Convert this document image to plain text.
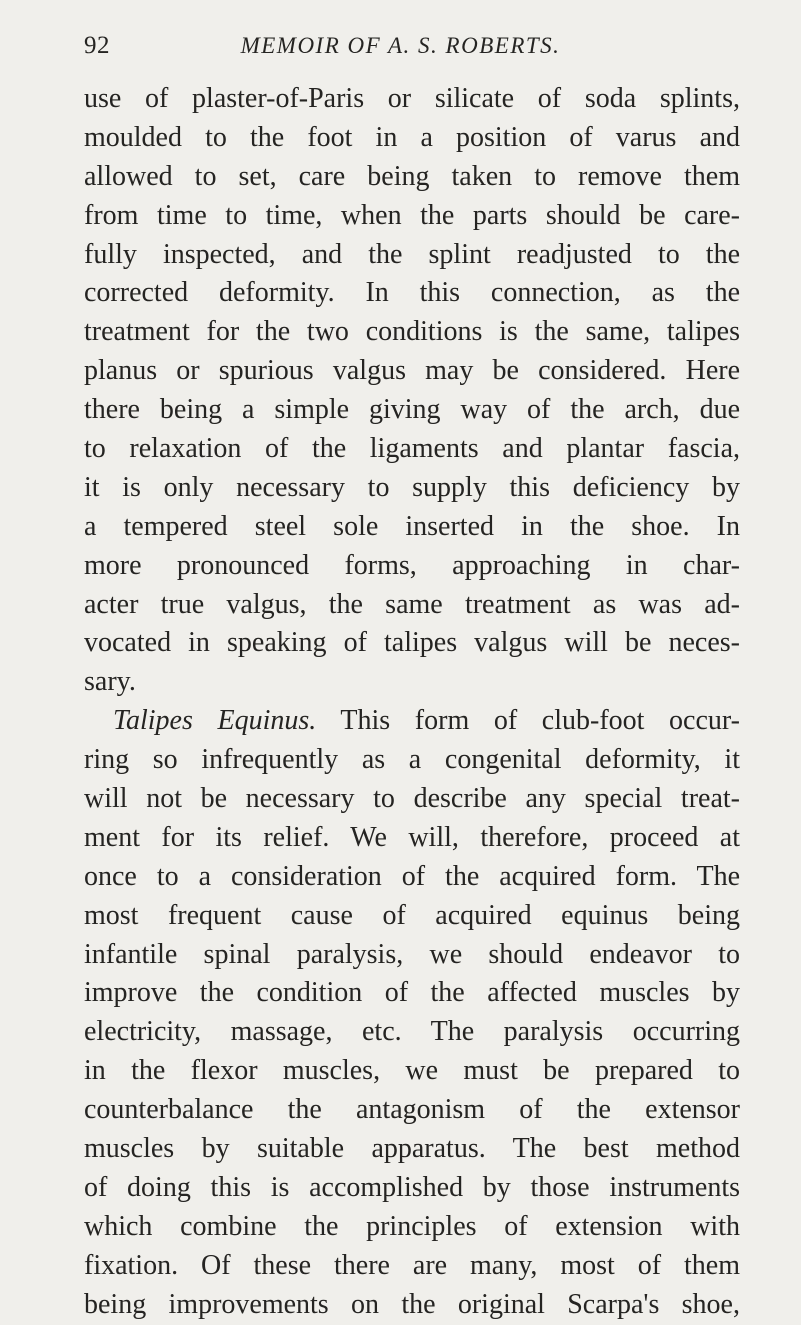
92	MEMOIR OF A. S. ROBERTS.
use of plaster-of-Paris or silicate of soda splints,
moulded to the foot in a position of varus and
allowed to set, care being taken to remove them
from time to time, when the parts should be care-
fully inspected, and the splint readjusted to the
corrected deformity. In this connection, as the
treatment for the two conditions is the same, talipes
planus or spurious valgus may be considered. Here
there being a simple giving way of the arch, due
to relaxation of the ligaments and plantar fascia,
it is only necessary to supply this deficiency by
a tempered steel sole inserted in the shoe. In
more pronounced forms, approaching in char-
acter true valgus, the same treatment as was ad-
vocated in speaking of talipes valgus will be neces-
sary.
Talipes Equinus. This form of club-foot occur-
ring so infrequently as a congenital deformity, it
will not be necessary to describe any special treat-
ment for its relief. We will, therefore, proceed at
once to a consideration of the acquired form. The
most frequent cause of acquired equinus being
infantile spinal paralysis, we should endeavor to
improve the condition of the affected muscles by
electricity, massage, etc. The paralysis occurring
in the flexor muscles, we must be prepared to
counterbalance the antagonism of the extensor
muscles by suitable apparatus. The best method
of doing this is accomplished by those instruments
which combine the principles of extension with
fixation. Of these there are many, most of them
being improvements on the original Scarpa's shoe,
